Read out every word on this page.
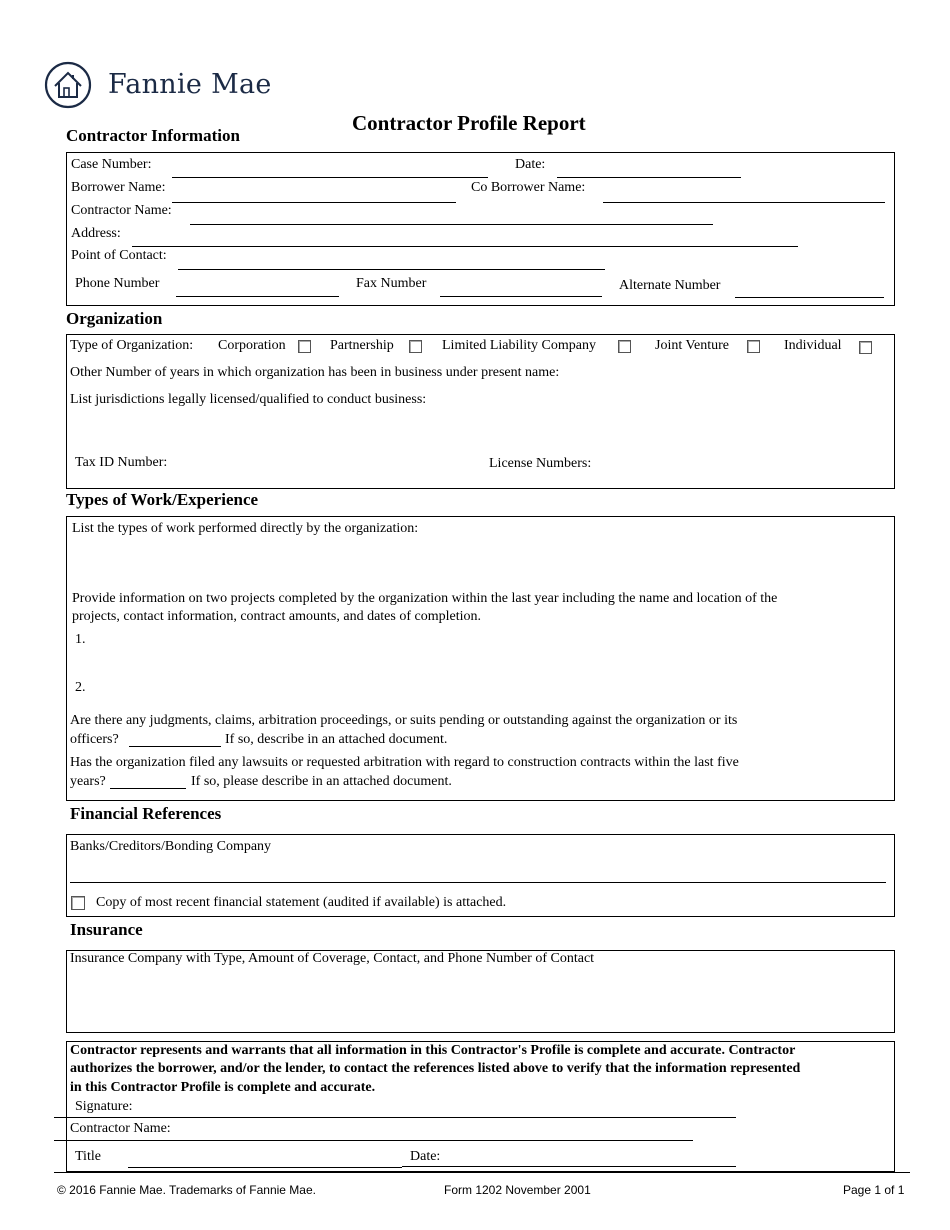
Fannie Mae
Contractor Profile Report
Contractor Information
Case Number:	Date:
Borrower Name:	Co Borrower Name:
Contractor Name:
Address:
Point of Contact:
Phone Number	Fax Number	Alternate Number
Organization
Type of Organization: Corporation	Partnership	Limited Liability Company	Joint Venture	Individual
Other Number of years in which organization has been in business under present name:
List jurisdictions legally licensed/qualified to conduct business:
Tax ID Number:	License Numbers:
Types of Work/Experience
List the types of work performed directly by the organization:
Provide information on two projects completed by the organization within the last year including the name and location of the
projects, contact information, contract amounts, and dates of completion.
1.
2.
Are there any judgments, claims, arbitration proceedings, or suits pending or outstanding against the organization or its
officers?	If so, describe in an attached document.
Has the organization filed any lawsuits or requested arbitration with regard to construction contracts within the last five
years?	If so, please describe in an attached document.
Financial References
Banks/Creditors/Bonding Company
Copy of most recent financial statement (audited if available) is attached.
Insurance
Insurance Company with Type, Amount of Coverage, Contact, and Phone Number of Contact
Contractor represents and warrants that all information in this Contractor's Profile is complete and accurate. Contractor
authorizes the borrower, and/or the lender, to contact the references listed above to verify that the information represented
in this Contractor Profile is complete and accurate.
Signature:
Contractor Name:
Title	Date:
© 2016 Fannie Mae. Trademarks of Fannie Mae.	Form 1202 November 2001	Page 1 of 1
